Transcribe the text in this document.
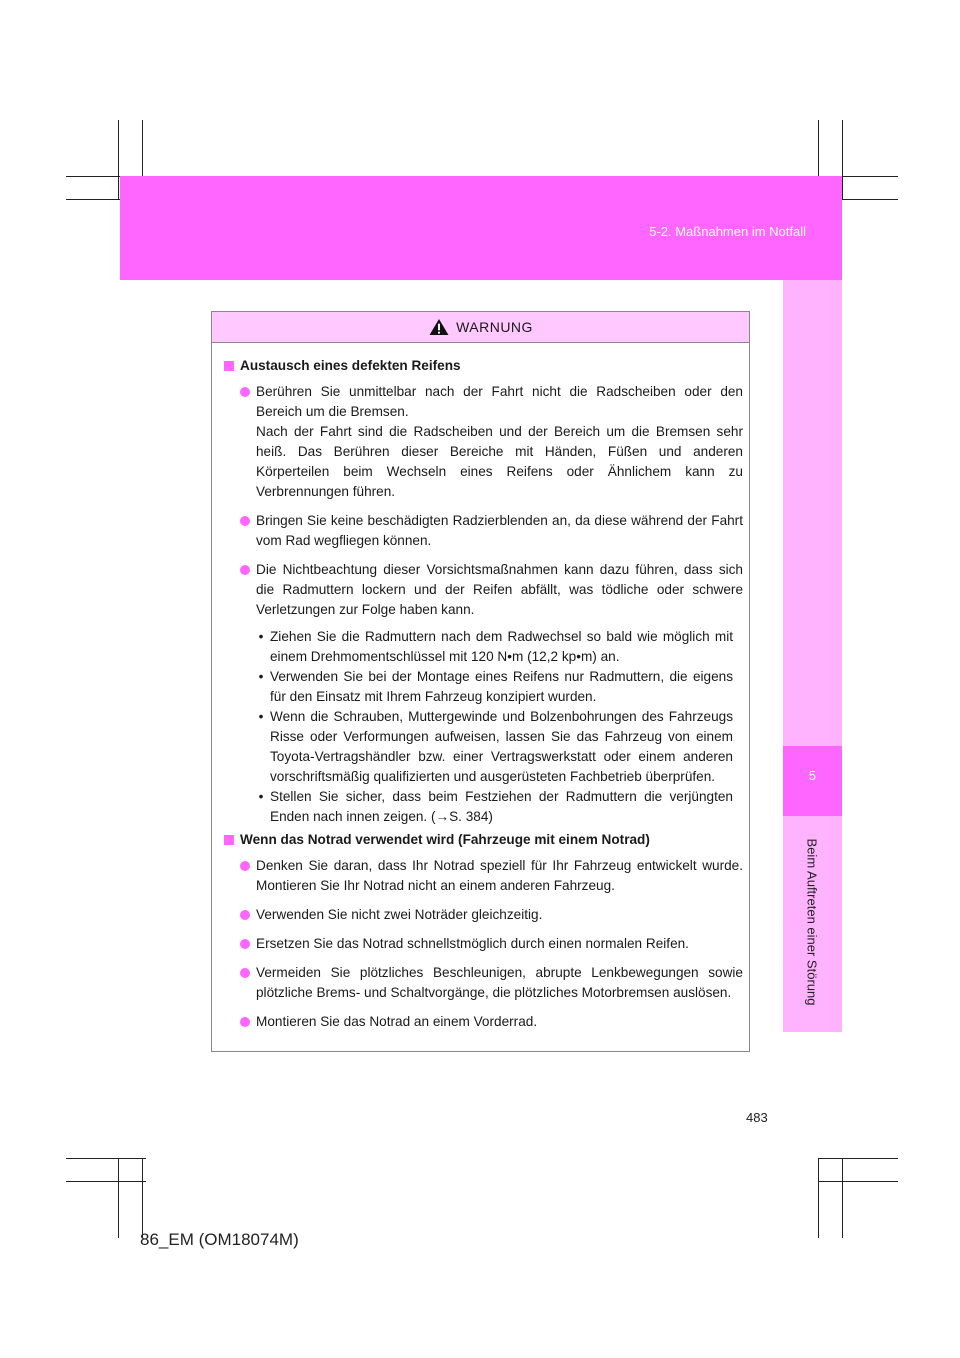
5-2. Maßnahmen im Notfall
5
Beim Auftreten einer Störung
WARNUNG
Austausch eines defekten Reifens
Berühren Sie unmittelbar nach der Fahrt nicht die Radscheiben oder den Bereich um die Bremsen.
Nach der Fahrt sind die Radscheiben und der Bereich um die Bremsen sehr heiß. Das Berühren dieser Bereiche mit Händen, Füßen und anderen Körperteilen beim Wechseln eines Reifens oder Ähnlichem kann zu Verbrennungen führen.
Bringen Sie keine beschädigten Radzierblenden an, da diese während der Fahrt vom Rad wegfliegen können.
Die Nichtbeachtung dieser Vorsichtsmaßnahmen kann dazu führen, dass sich die Radmuttern lockern und der Reifen abfällt, was tödliche oder schwere Verletzungen zur Folge haben kann.
• Ziehen Sie die Radmuttern nach dem Radwechsel so bald wie möglich mit einem Drehmomentschlüssel mit 120 N•m (12,2 kp•m) an.
• Verwenden Sie bei der Montage eines Reifens nur Radmuttern, die eigens für den Einsatz mit Ihrem Fahrzeug konzipiert wurden.
• Wenn die Schrauben, Muttergewinde und Bolzenbohrungen des Fahrzeugs Risse oder Verformungen aufweisen, lassen Sie das Fahrzeug von einem Toyota-Vertragshändler bzw. einer Vertragswerkstatt oder einem anderen vorschriftsmäßig qualifizierten und ausgerüsteten Fachbetrieb überprüfen.
• Stellen Sie sicher, dass beim Festziehen der Radmuttern die verjüngten Enden nach innen zeigen. (→S. 384)
Wenn das Notrad verwendet wird (Fahrzeuge mit einem Notrad)
Denken Sie daran, dass Ihr Notrad speziell für Ihr Fahrzeug entwickelt wurde. Montieren Sie Ihr Notrad nicht an einem anderen Fahrzeug.
Verwenden Sie nicht zwei Noträder gleichzeitig.
Ersetzen Sie das Notrad schnellstmöglich durch einen normalen Reifen.
Vermeiden Sie plötzliches Beschleunigen, abrupte Lenkbewegungen sowie plötzliche Brems- und Schaltvorgänge, die plötzliches Motorbremsen auslösen.
Montieren Sie das Notrad an einem Vorderrad.
483
86_EM (OM18074M)
